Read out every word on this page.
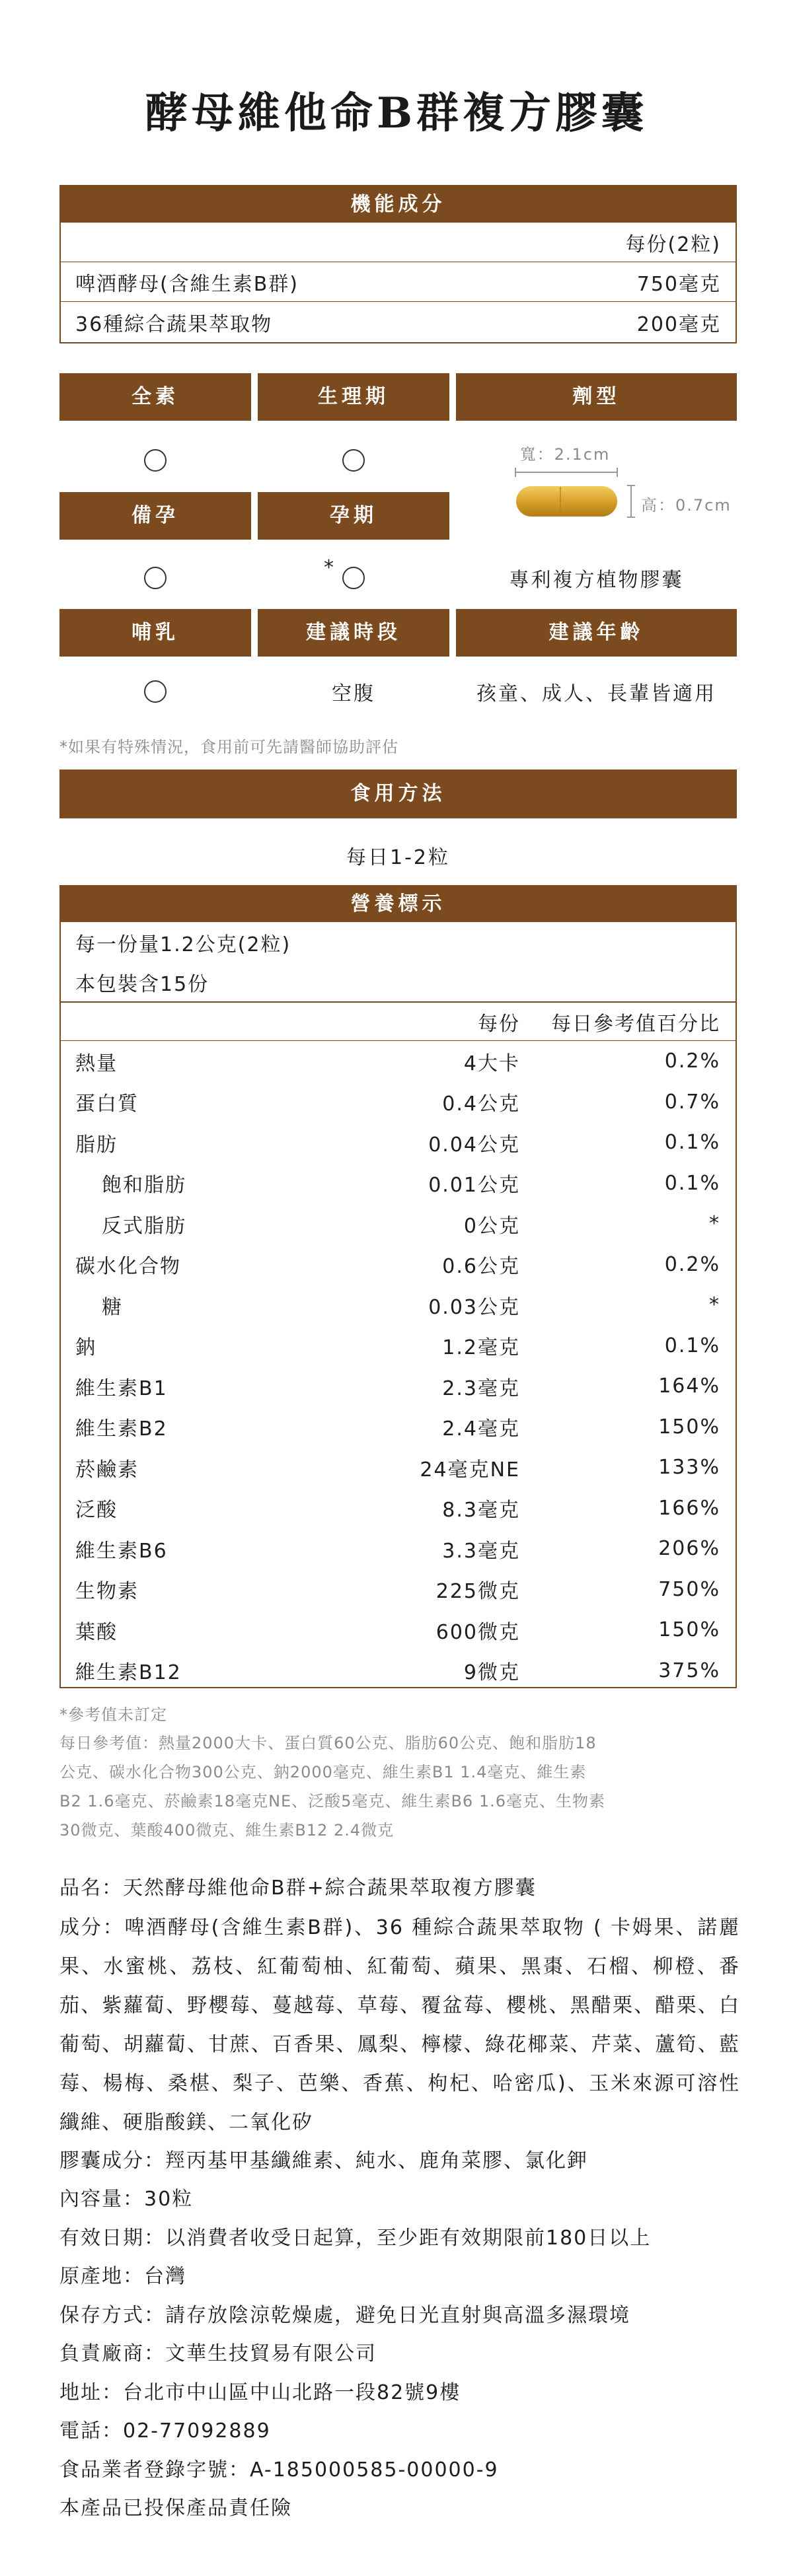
酵母維他命B群複方膠囊
機能成分
每份(2粒)
啤酒酵母(含維生素B群)	750毫克
36種綜合蔬果萃取物	200毫克
全素	生理期	劑型
備孕	孕期
*
寬：2.1cm
高：0.7cm
專利複方植物膠囊
哺乳	建議時段	建議年齡
空腹	孩童、成人、長輩皆適用
*如果有特殊情況，食用前可先請醫師協助評估
食用方法
每日1-2粒
營養標示
每一份量1.2公克(2粒)
本包裝含15份
每份	每日參考值百分比
熱量	4大卡	0.2%
蛋白質	0.4公克	0.7%
脂肪	0.04公克	0.1%
飽和脂肪	0.01公克	0.1%
反式脂肪	0公克	*
碳水化合物	0.6公克	0.2%
糖	0.03公克	*
鈉	1.2毫克	0.1%
維生素B1	2.3毫克	164%
維生素B2	2.4毫克	150%
菸鹼素	24毫克NE	133%
泛酸	8.3毫克	166%
維生素B6	3.3毫克	206%
生物素	225微克	750%
葉酸	600微克	150%
維生素B12	9微克	375%
*參考值未訂定
每日參考值：熱量2000大卡、蛋白質60公克、脂肪60公克、飽和脂肪18
公克、碳水化合物300公克、鈉2000毫克、維生素B1 1.4毫克、維生素
B2 1.6毫克、菸鹼素18毫克NE、泛酸5毫克、維生素B6 1.6毫克、生物素
30微克、葉酸400微克、維生素B12 2.4微克

品名：天然酵母維他命B群+綜合蔬果萃取複方膠囊

成分：啤酒酵母(含維生素B群)、36 種綜合蔬果萃取物 ( 卡姆果、諾麗果、水蜜桃、荔枝、紅葡萄柚、紅葡萄、蘋果、黑棗、石榴、柳橙、番茄、紫蘿蔔、野櫻莓、蔓越莓、草莓、覆盆莓、櫻桃、黑醋栗、醋栗、白葡萄、胡蘿蔔、甘蔗、百香果、鳳梨、檸檬、綠花椰菜、芹菜、蘆筍、藍莓、楊梅、桑椹、梨子、芭樂、香蕉、枸杞、哈密瓜)、玉米來源可溶性纖維、硬脂酸鎂、二氧化矽

膠囊成分：羥丙基甲基纖維素、純水、鹿角菜膠、氯化鉀

內容量：30粒

有效日期：以消費者收受日起算，至少距有效期限前180日以上

原產地：台灣

保存方式：請存放陰涼乾燥處，避免日光直射與高溫多濕環境

負責廠商：文華生技貿易有限公司

地址：台北市中山區中山北路一段82號9樓

電話：02-77092889

食品業者登錄字號：A-185000585-00000-9

本產品已投保產品責任險
